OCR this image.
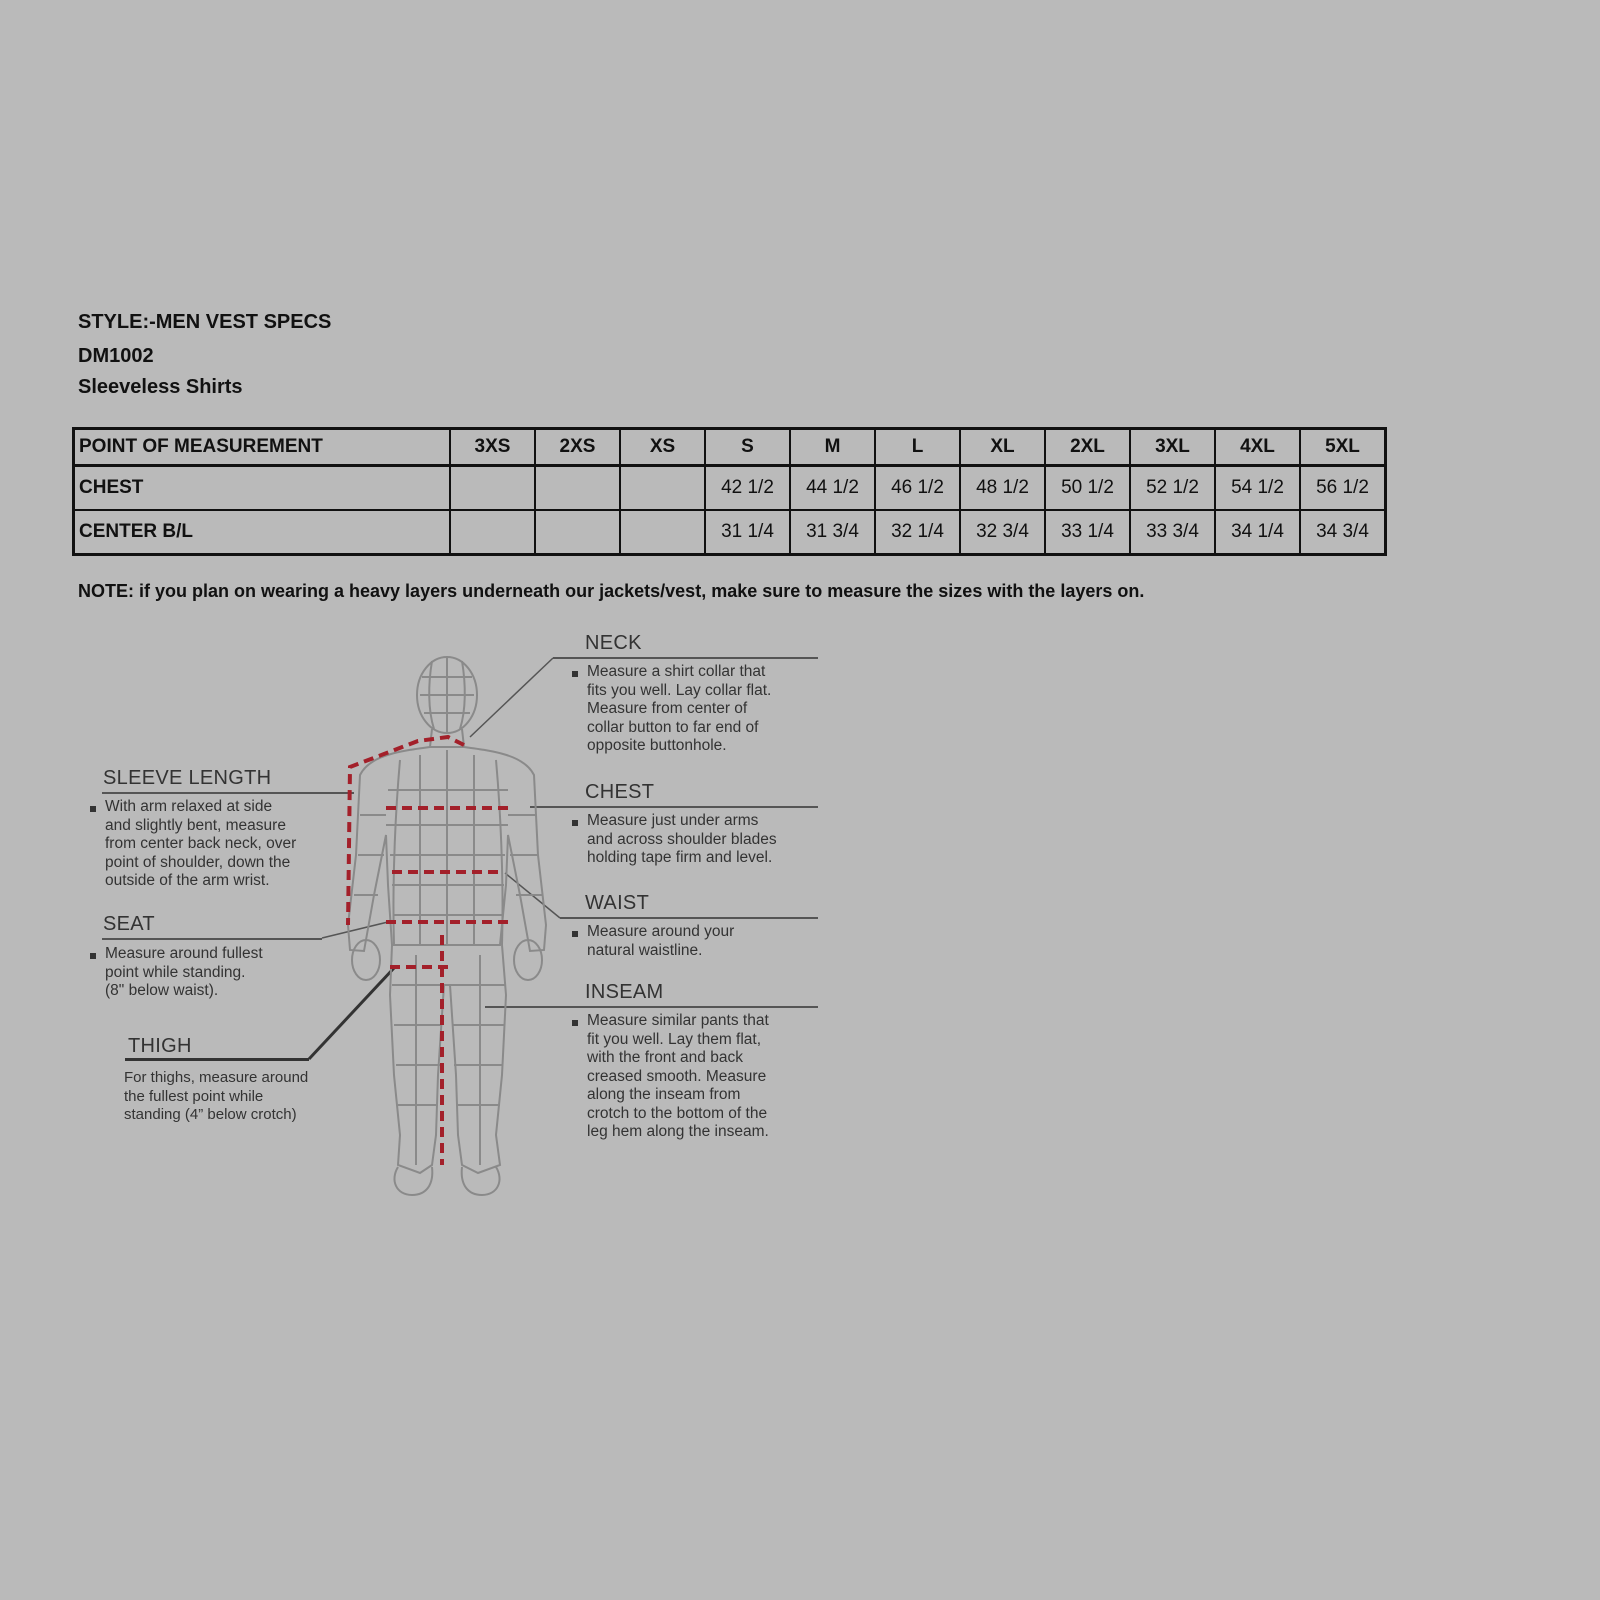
STYLE:-MEN VEST SPECS
DM1002
Sleeveless Shirts
POINT OF MEASUREMENT	3XS	2XS	XS	S	M	L	XL	2XL	3XL	4XL	5XL
CHEST				42 1/2	44 1/2	46 1/2	48 1/2	50 1/2	52 1/2	54 1/2	56 1/2
CENTER B/L				31 1/4	31 3/4	32 1/4	32 3/4	33 1/4	33 3/4	34 1/4	34 3/4
NOTE: if you plan on wearing a heavy layers underneath our jackets/vest, make sure to measure the sizes with the layers on.
NECK
Measure a shirt collar that
fits you well. Lay collar flat.
Measure from center of
collar button to far end of
opposite buttonhole.
CHEST
Measure just under arms
and across shoulder blades
holding tape firm and level.
WAIST
Measure around your
natural waistline.
INSEAM
Measure similar pants that
fit you well. Lay them flat,
with the front and back
creased smooth. Measure
along the inseam from
crotch to the bottom of the
leg hem along the inseam.
SLEEVE LENGTH
With arm relaxed at side
and slightly bent, measure
from center back neck, over
point of shoulder, down the
outside of the arm wrist.
SEAT
Measure around fullest
point while standing.
(8" below waist).
THIGH
For thighs, measure around
the fullest point while
standing (4” below crotch)
